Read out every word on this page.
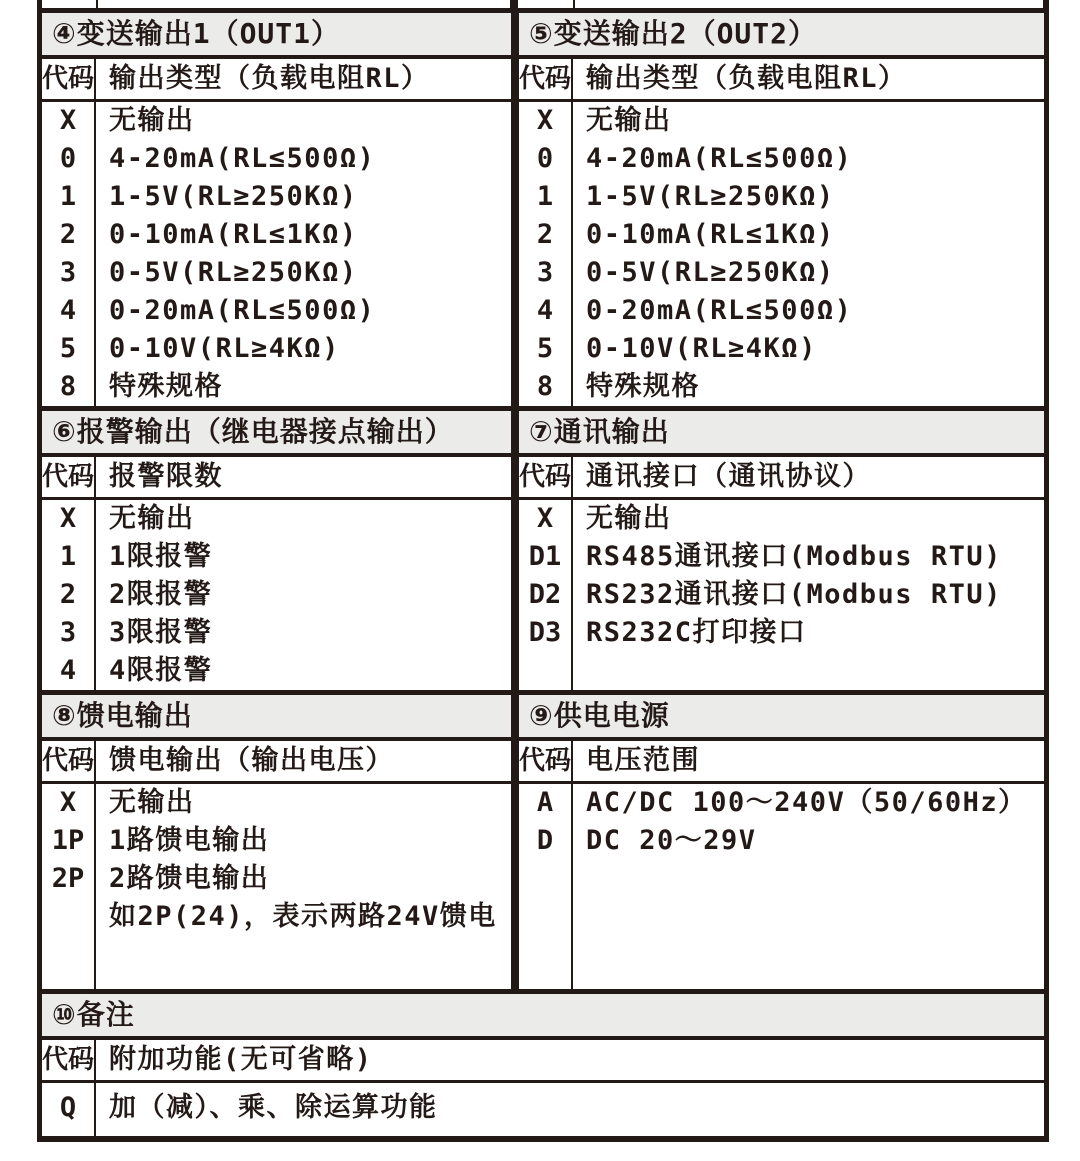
④变送输出1（OUT1）
代码 输出类型（负载电阻RL）
X
0
1
2
3
4
5
8
无输出
4-20mA(RL≤500Ω)
1-5V(RL≥250KΩ)
0-10mA(RL≤1KΩ)
0-5V(RL≥250KΩ)
0-20mA(RL≤500Ω)
0-10V(RL≥4KΩ)
特殊规格
⑤变送输出2（OUT2）
代码 输出类型（负载电阻RL）
X
0
1
2
3
4
5
8
无输出
4-20mA(RL≤500Ω)
1-5V(RL≥250KΩ)
0-10mA(RL≤1KΩ)
0-5V(RL≥250KΩ)
0-20mA(RL≤500Ω)
0-10V(RL≥4KΩ)
特殊规格
⑥报警输出（继电器接点输出）
代码 报警限数
X
1
2
3
4
无输出
1限报警
2限报警
3限报警
4限报警
⑦通讯输出
代码 通讯接口（通讯协议）
X
D1
D2
D3
无输出
RS485通讯接口(Modbus RTU)
RS232通讯接口(Modbus RTU)
RS232C打印接口
⑧馈电输出
代码 馈电输出（输出电压）
X
1P
2P
无输出
1路馈电输出
2路馈电输出
如2P(24)，表示两路24V馈电
⑨供电电源
代码 电压范围
A
D
AC/DC 100～240V（50/60Hz）
DC 20～29V
⑩备注
代码 附加功能(无可省略)
Q	加（减）、乘、除运算功能
